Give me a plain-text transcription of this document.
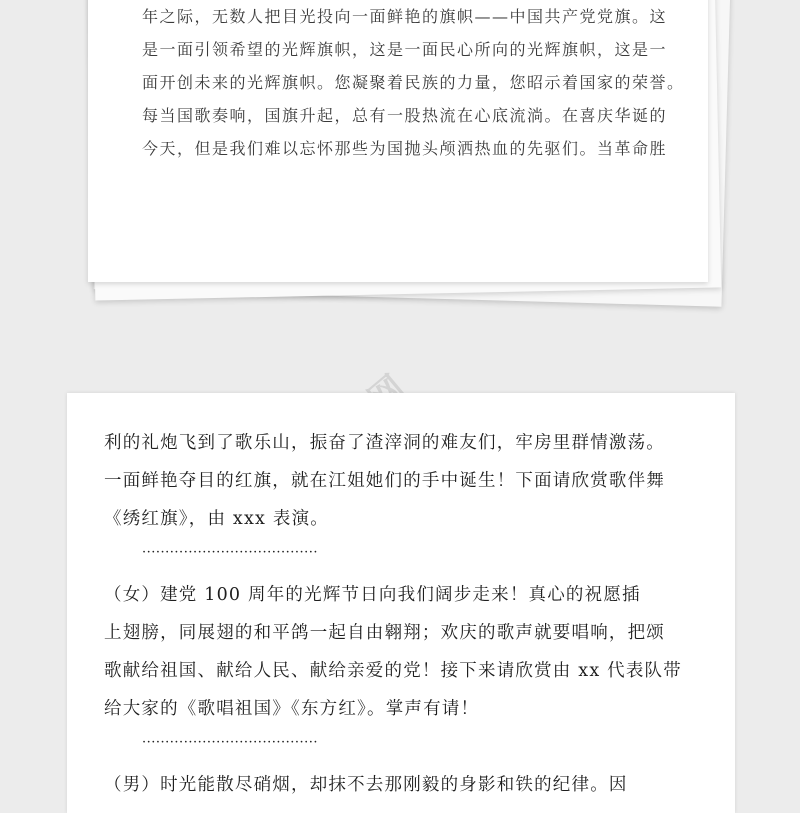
年之际，无数人把目光投向一面鲜艳的旗帜——中国共产党党旗。这
是一面引领希望的光辉旗帜，这是一面民心所向的光辉旗帜，这是一
面开创未来的光辉旗帜。您凝聚着民族的力量，您昭示着国家的荣誉。
每当国歌奏响，国旗升起，总有一股热流在心底流淌。在喜庆华诞的
今天，但是我们难以忘怀那些为国抛头颅洒热血的先驱们。当革命胜
利的礼炮飞到了歌乐山，振奋了渣滓洞的难友们，牢房里群情激荡。
一面鲜艳夺目的红旗，就在江姐她们的手中诞生！下面请欣赏歌伴舞
《绣红旗》，由 xxx 表演。
······································
（女）建党 100 周年的光辉节日向我们阔步走来！真心的祝愿插
上翅膀，同展翅的和平鸽一起自由翱翔；欢庆的歌声就要唱响，把颂
歌献给祖国、献给人民、献给亲爱的党！接下来请欣赏由 xx 代表队带
给大家的《歌唱祖国》《东方红》。掌声有请！
······································
（男）时光能散尽硝烟，却抹不去那刚毅的身影和铁的纪律。因
